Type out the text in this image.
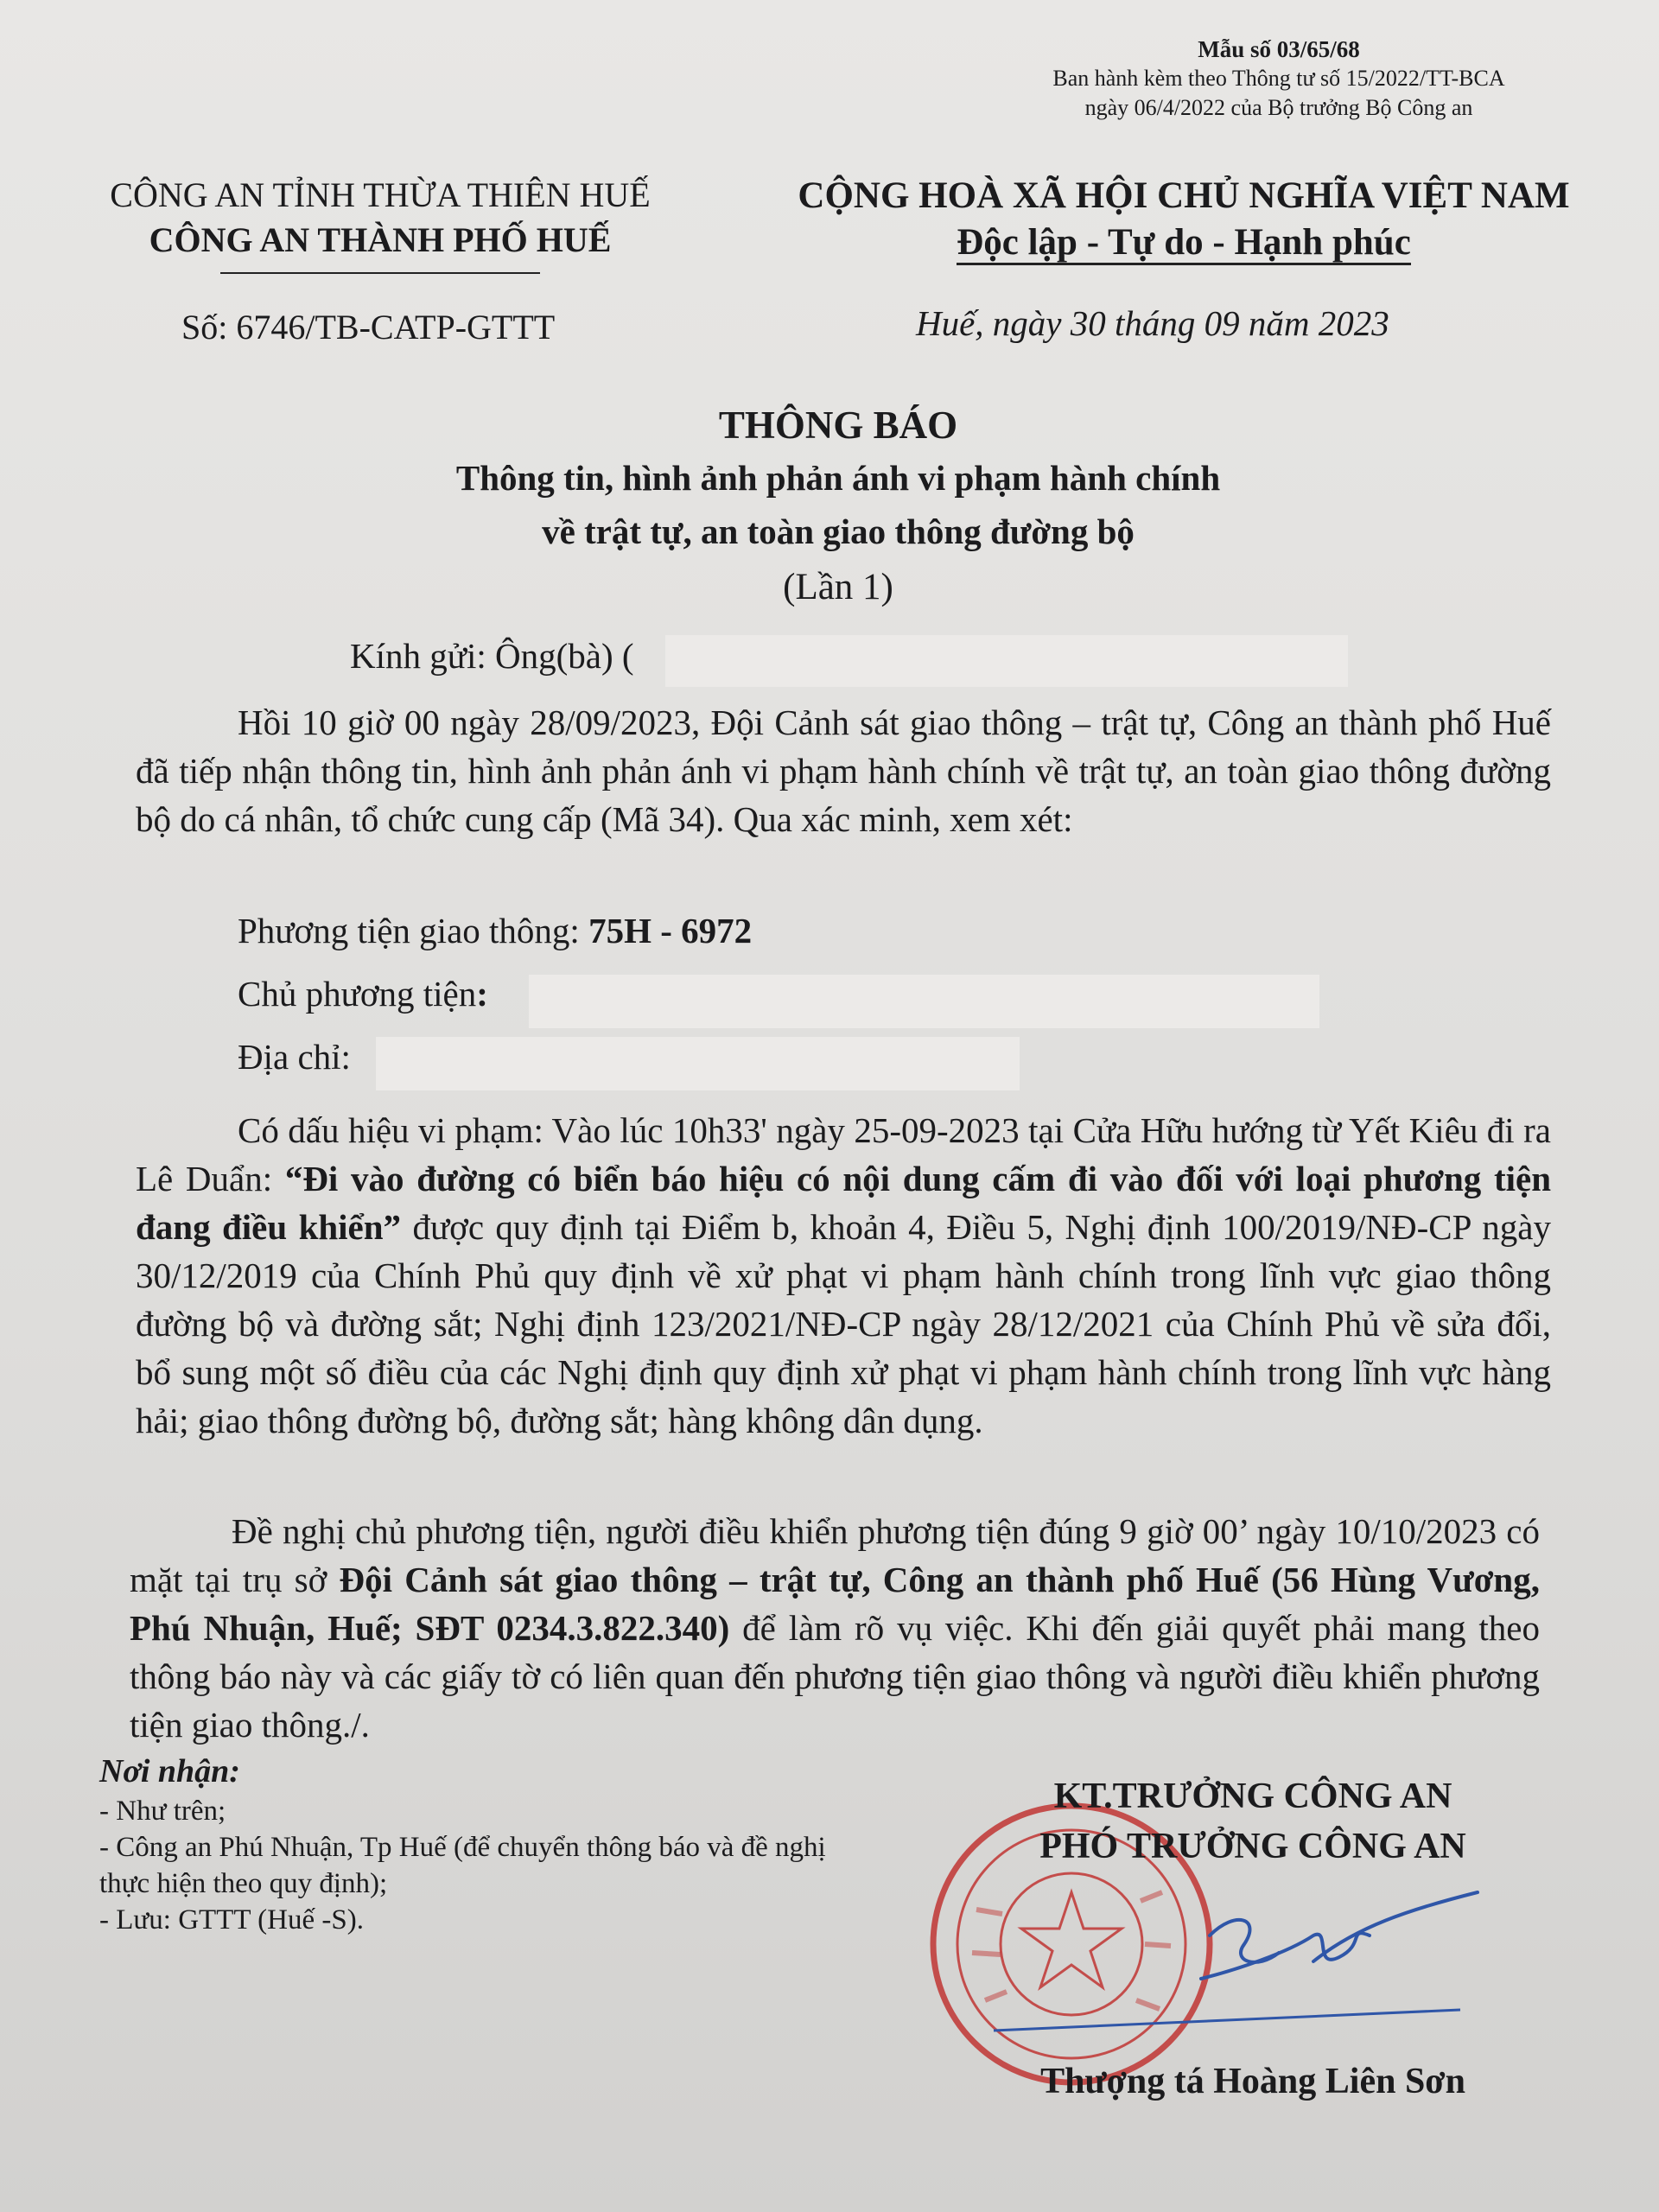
Mẫu số 03/65/68
Ban hành kèm theo Thông tư số 15/2022/TT-BCA
ngày 06/4/2022 của Bộ trưởng Bộ Công an
CÔNG AN TỈNH THỪA THIÊN HUẾ
CÔNG AN THÀNH PHỐ HUẾ
Số: 6746/TB-CATP-GTTT
CỘNG HOÀ XÃ HỘI CHỦ NGHĨA VIỆT NAM
Độc lập - Tự do - Hạnh phúc
Huế, ngày 30 tháng 09 năm 2023
THÔNG BÁO
Thông tin, hình ảnh phản ánh vi phạm hành chính
về trật tự, an toàn giao thông đường bộ
(Lần 1)
Kính gửi: Ông(bà) (
Hồi 10 giờ 00 ngày 28/09/2023, Đội Cảnh sát giao thông – trật tự, Công an thành phố Huế đã tiếp nhận thông tin, hình ảnh phản ánh vi phạm hành chính về trật tự, an toàn giao thông đường bộ do cá nhân, tổ chức cung cấp (Mã 34). Qua xác minh, xem xét:
Phương tiện giao thông: 75H - 6972
Chủ phương tiện:
Địa chỉ:
Có dấu hiệu vi phạm: Vào lúc 10h33' ngày 25-09-2023 tại Cửa Hữu hướng từ Yết Kiêu đi ra Lê Duẩn: “Đi vào đường có biển báo hiệu có nội dung cấm đi vào đối với loại phương tiện đang điều khiển” được quy định tại Điểm b, khoản 4, Điều 5, Nghị định 100/2019/NĐ-CP ngày 30/12/2019 của Chính Phủ quy định về xử phạt vi phạm hành chính trong lĩnh vực giao thông đường bộ và đường sắt; Nghị định 123/2021/NĐ-CP ngày 28/12/2021 của Chính Phủ về sửa đổi, bổ sung một số điều của các Nghị định quy định xử phạt vi phạm hành chính trong lĩnh vực hàng hải; giao thông đường bộ, đường sắt; hàng không dân dụng.
Đề nghị chủ phương tiện, người điều khiển phương tiện đúng 9 giờ 00’ ngày 10/10/2023 có mặt tại trụ sở Đội Cảnh sát giao thông – trật tự, Công an thành phố Huế (56 Hùng Vương, Phú Nhuận, Huế; SĐT 0234.3.822.340) để làm rõ vụ việc. Khi đến giải quyết phải mang theo thông báo này và các giấy tờ có liên quan đến phương tiện giao thông và người điều khiển phương tiện giao thông./.
Nơi nhận:
- Như trên;
- Công an Phú Nhuận, Tp Huế (để chuyển thông báo và đề nghị thực hiện theo quy định);
- Lưu: GTTT (Huế -S).
KT.TRƯỞNG CÔNG AN
PHÓ TRƯỞNG CÔNG AN
Thượng tá Hoàng Liên Sơn
